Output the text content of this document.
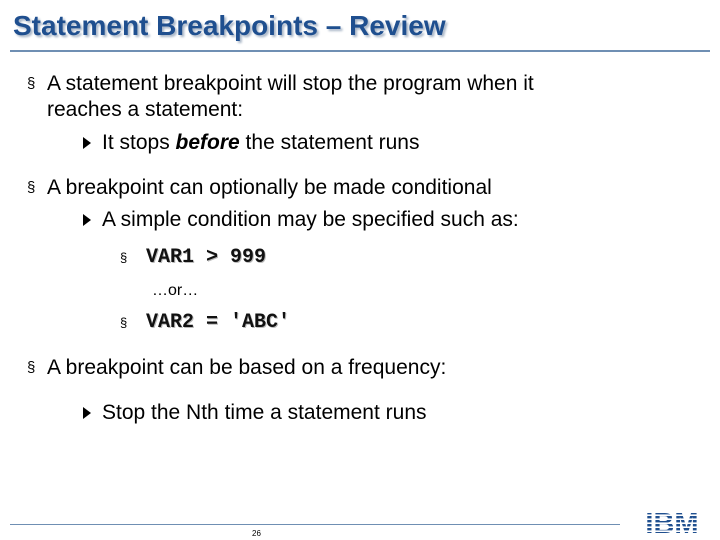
Statement Breakpoints – Review
§ A statement breakpoint will stop the program when it
reaches a statement:
It stops before the statement runs
§ A breakpoint can optionally be made conditional
A simple condition may be specified such as:
§ VAR1 > 999
…or…
§ VAR2 = 'ABC'
§ A breakpoint can be based on a frequency:
Stop the Nth time a statement runs
26	IBM
